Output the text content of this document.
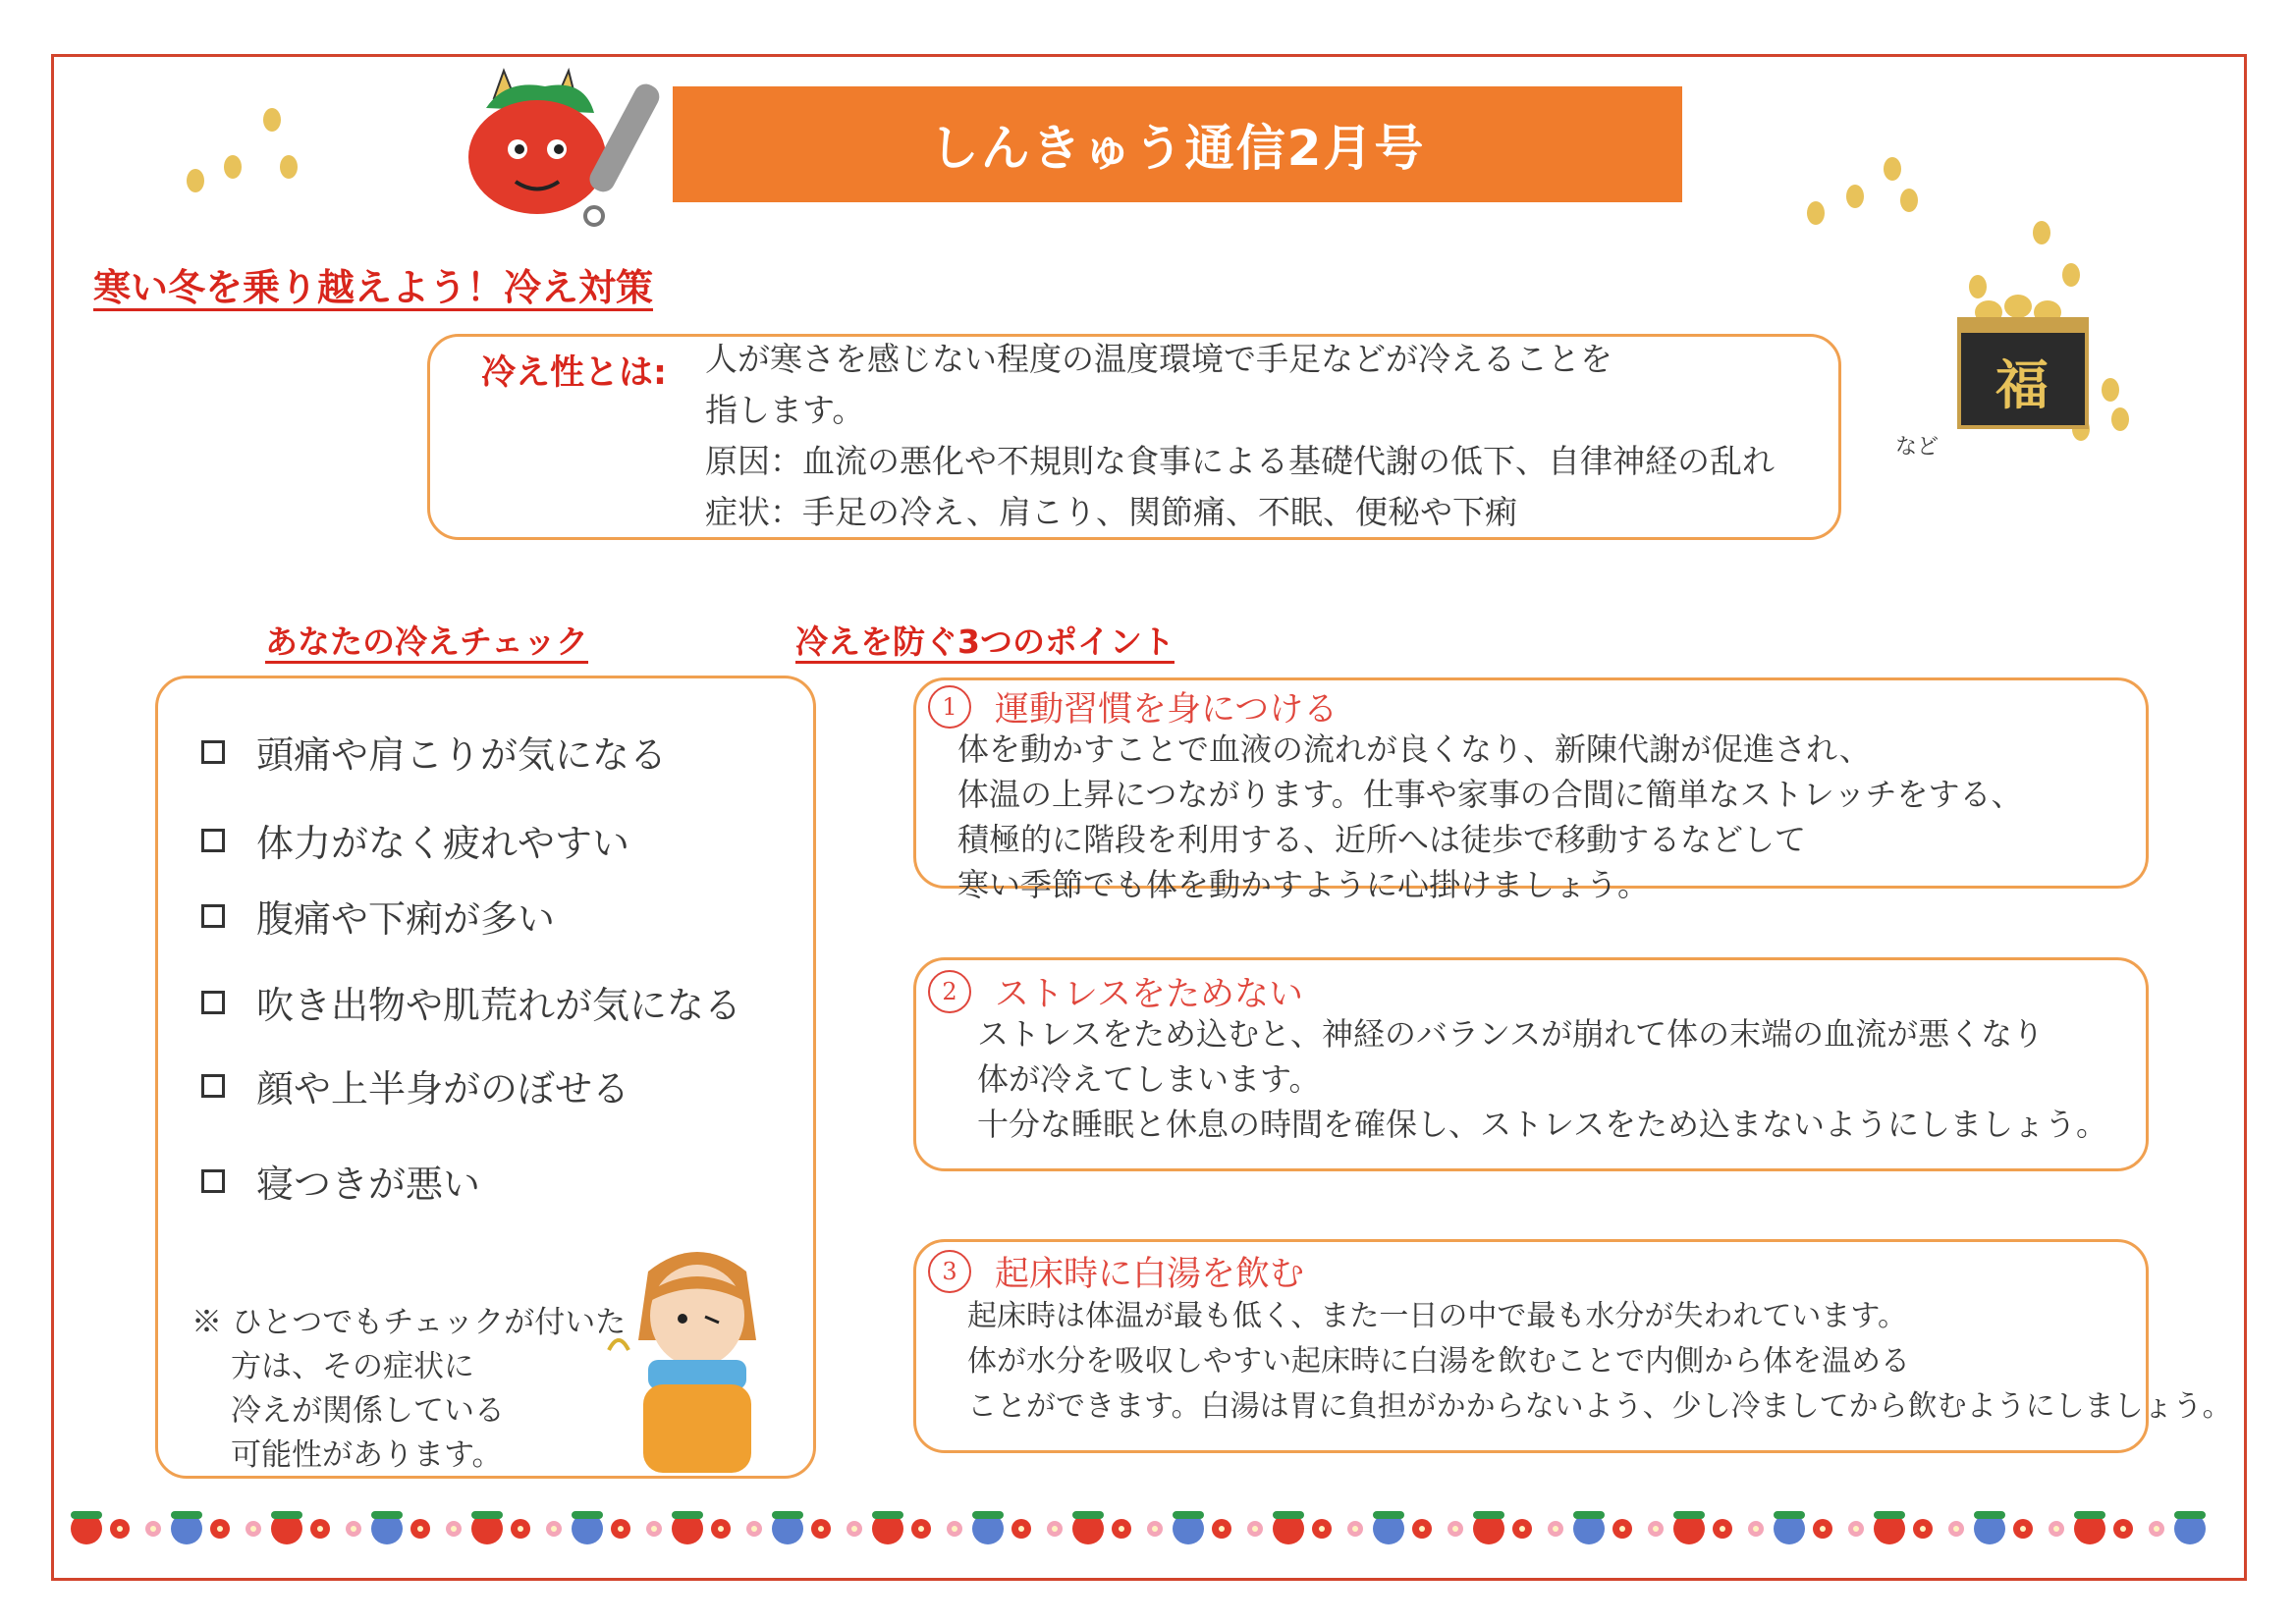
しんきゅう通信2月号
福
寒い冬を乗り越えよう！冷え対策
冷え性とは: 人が寒さを感じない程度の温度環境で手足などが冷えることを
指します。
原因：血流の悪化や不規則な食事による基礎代謝の低下、自律神経の乱れ
症状：手足の冷え、肩こり、関節痛、不眠、便秘や下痢
など
あなたの冷えチェック
頭痛や肩こりが気になる
体力がなく疲れやすい
腹痛や下痢が多い
吹き出物や肌荒れが気になる
顔や上半身がのぼせる
寝つきが悪い
※ ひとつでもチェックが付いた
方は、その症状に
冷えが関係している
可能性があります。
冷えを防ぐ3つのポイント
1	運動習慣を身につける
体を動かすことで血液の流れが良くなり、新陳代謝が促進され、
体温の上昇につながります。仕事や家事の合間に簡単なストレッチをする、
積極的に階段を利用する、近所へは徒歩で移動するなどして
寒い季節でも体を動かすように心掛けましょう。
2	ストレスをためない
ストレスをため込むと、神経のバランスが崩れて体の末端の血流が悪くなり
体が冷えてしまいます。
十分な睡眠と休息の時間を確保し、ストレスをため込まないようにしましょう。
3	起床時に白湯を飲む
起床時は体温が最も低く、また一日の中で最も水分が失われています。
体が水分を吸収しやすい起床時に白湯を飲むことで内側から体を温める
ことができます。白湯は胃に負担がかからないよう、少し冷ましてから飲むようにしましょう。
